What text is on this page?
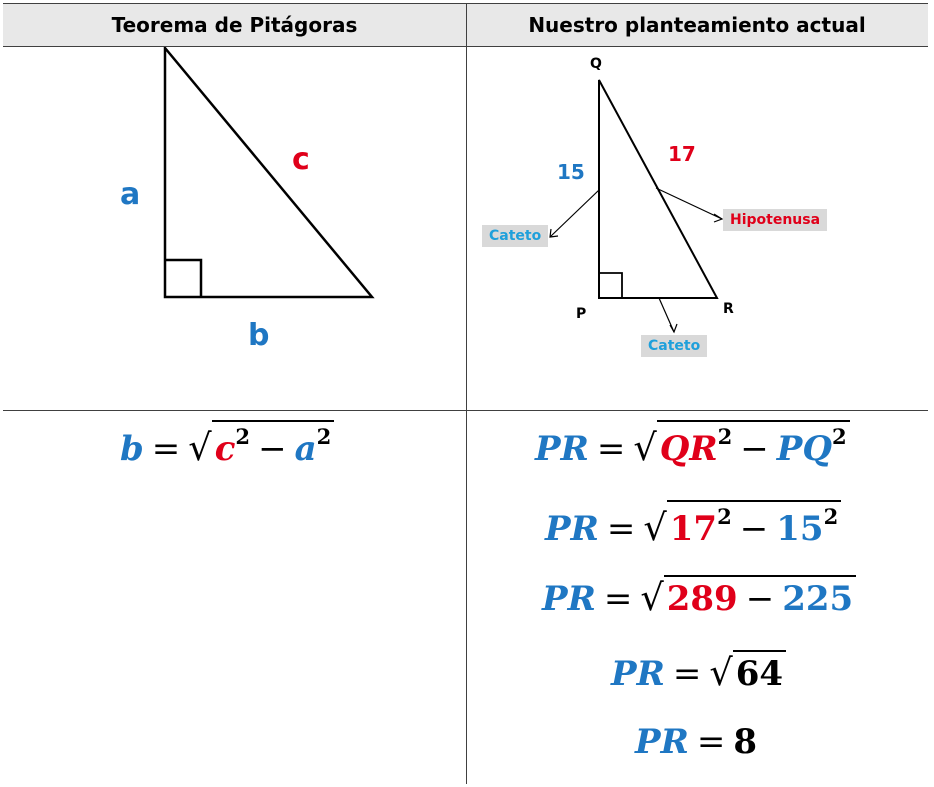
Teorema de Pitágoras	Nuestro planteamiento actual
a
b
c
Q
P	R
15
17
Cateto
Hipotenusa
Cateto
$b = √c^2 - a^2$	PR = $√QR^2 - PQ^2$
PR = $√17^2 - 15^2$
PR = √289 − 225
PR = √64
PR = 8
